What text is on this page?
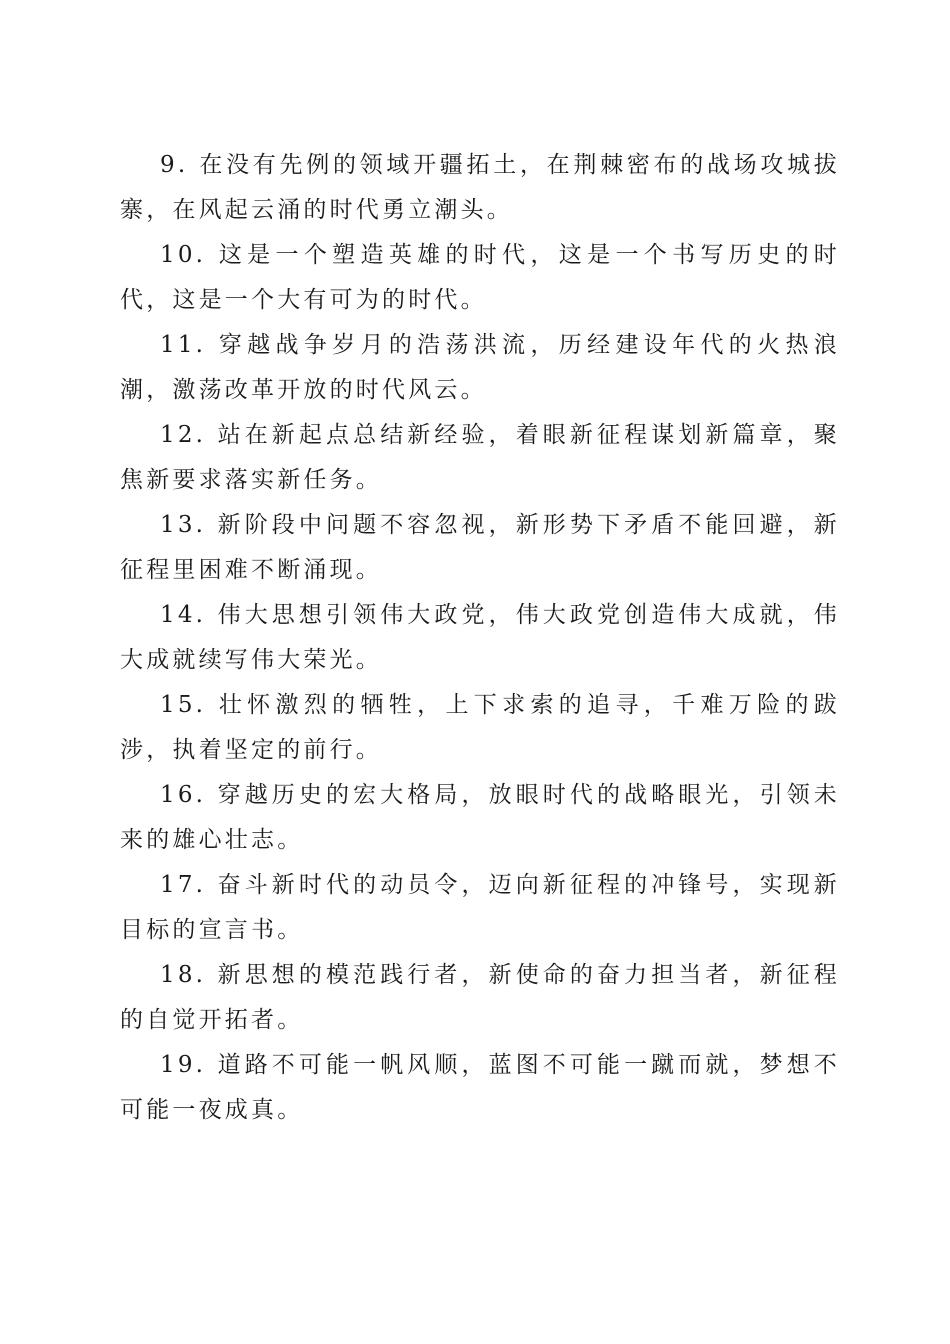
9. 在没有先例的领域开疆拓土，在荆棘密布的战场攻城拔寨，在风起云涌的时代勇立潮头。

10. 这是一个塑造英雄的时代，这是一个书写历史的时代，这是一个大有可为的时代。

11. 穿越战争岁月的浩荡洪流，历经建设年代的火热浪潮，激荡改革开放的时代风云。

12. 站在新起点总结新经验，着眼新征程谋划新篇章，聚焦新要求落实新任务。

13. 新阶段中问题不容忽视，新形势下矛盾不能回避，新征程里困难不断涌现。

14. 伟大思想引领伟大政党，伟大政党创造伟大成就，伟大成就续写伟大荣光。

15. 壮怀激烈的牺牲，上下求索的追寻，千难万险的跋涉，执着坚定的前行。

16. 穿越历史的宏大格局，放眼时代的战略眼光，引领未来的雄心壮志。

17. 奋斗新时代的动员令，迈向新征程的冲锋号，实现新目标的宣言书。

18. 新思想的模范践行者，新使命的奋力担当者，新征程的自觉开拓者。

19. 道路不可能一帆风顺，蓝图不可能一蹴而就，梦想不可能一夜成真。
